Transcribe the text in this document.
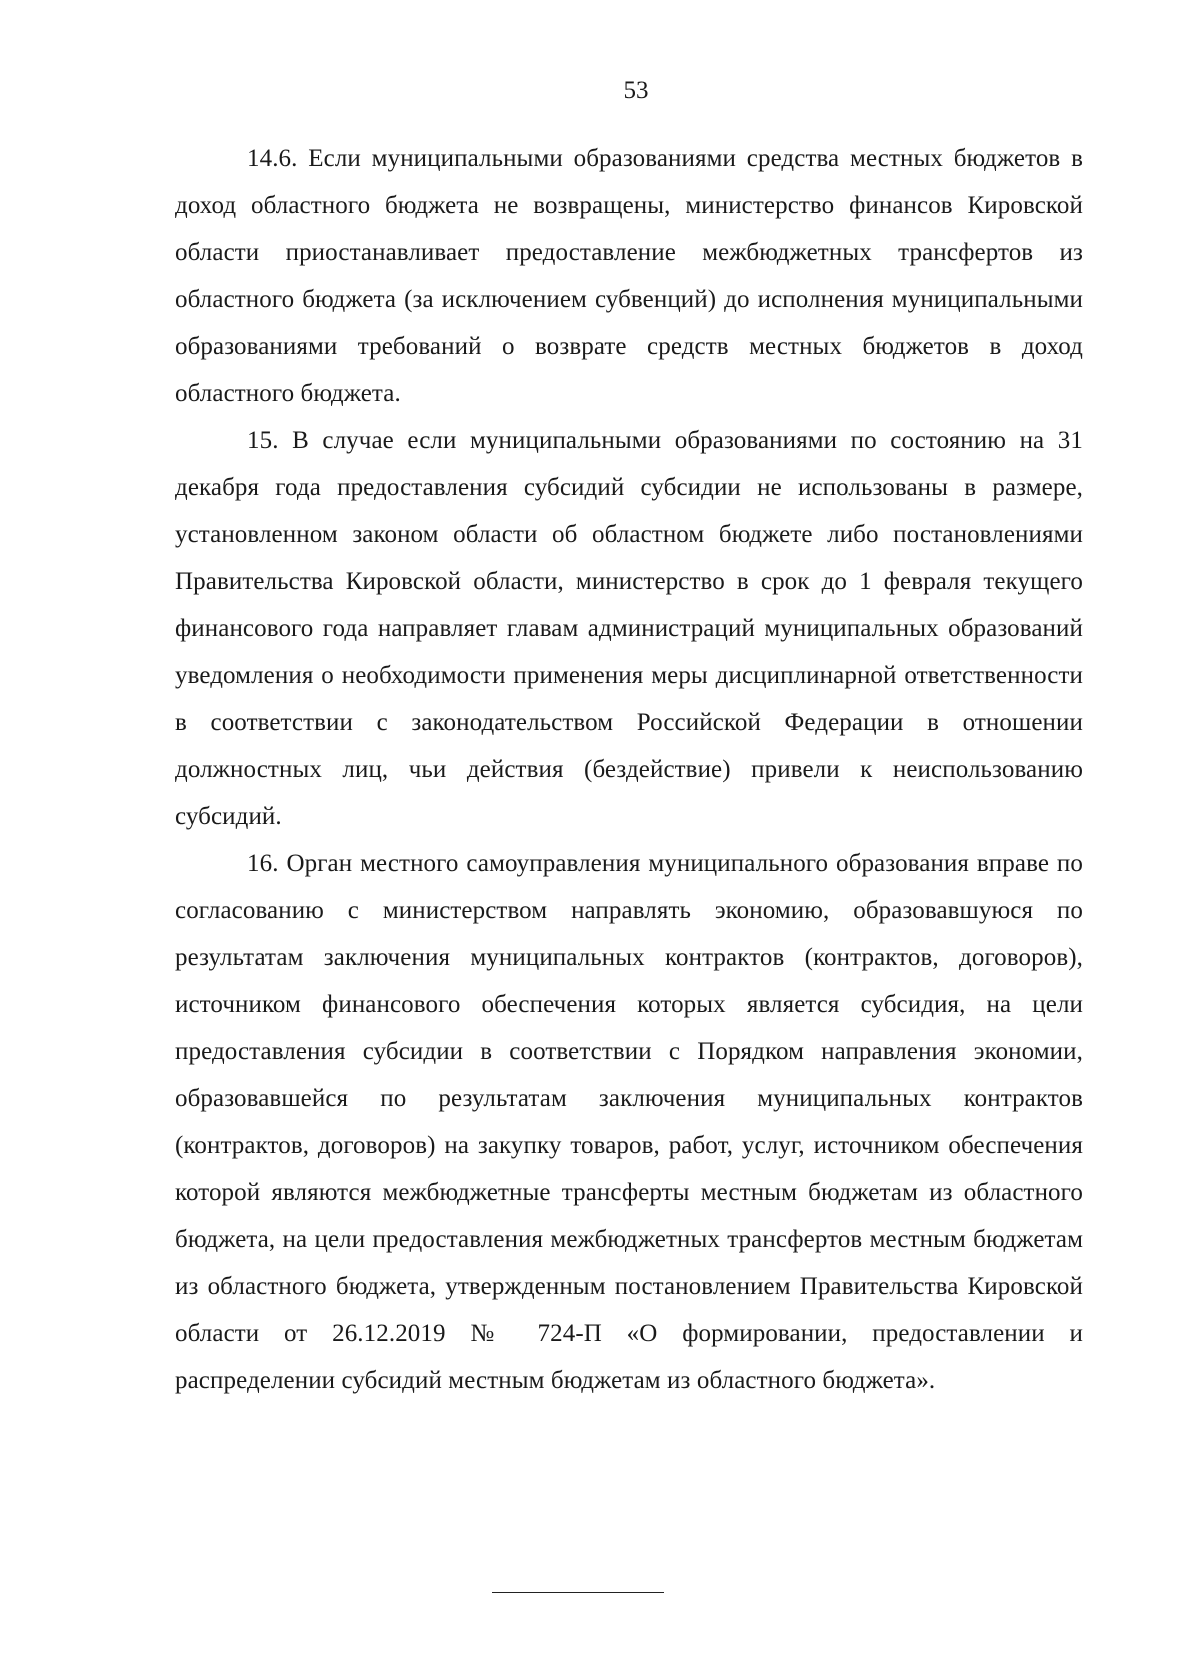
53

14.6. Если муниципальными образованиями средства местных бюджетов в доход областного бюджета не возвращены, министерство финансов Кировской области приостанавливает предоставление межбюджетных трансфертов из областного бюджета (за исключением субвенций) до исполнения муниципальными образованиями требований о возврате средств местных бюджетов в доход областного бюджета.

15. В случае если муниципальными образованиями по состоянию на 31 декабря года предоставления субсидий субсидии не использованы в размере, установленном законом области об областном бюджете либо постановлениями Правительства Кировской области, министерство в срок до 1 февраля текущего финансового года направляет главам администраций муниципальных образований уведомления о необходимости применения меры дисциплинарной ответственности в соответствии с законодательством Российской Федерации в отношении должностных лиц, чьи действия (бездействие) привели к неиспользованию субсидий.

16. Орган местного самоуправления муниципального образования вправе по согласованию с министерством направлять экономию, образовавшуюся по результатам заключения муниципальных контрактов (контрактов, договоров), источником финансового обеспечения которых является субсидия, на цели предоставления субсидии в соответствии с Порядком направления экономии, образовавшейся по результатам заключения муниципальных контрактов (контрактов, договоров) на закупку товаров, работ, услуг, источником обеспечения которой являются межбюджетные трансферты местным бюджетам из областного бюджета, на цели предоставления межбюджетных трансфертов местным бюджетам из областного бюджета, утвержденным постановлением Правительства Кировской области от 26.12.2019 № 724-П «О формировании, предоставлении и распределении субсидий местным бюджетам из областного бюджета».
